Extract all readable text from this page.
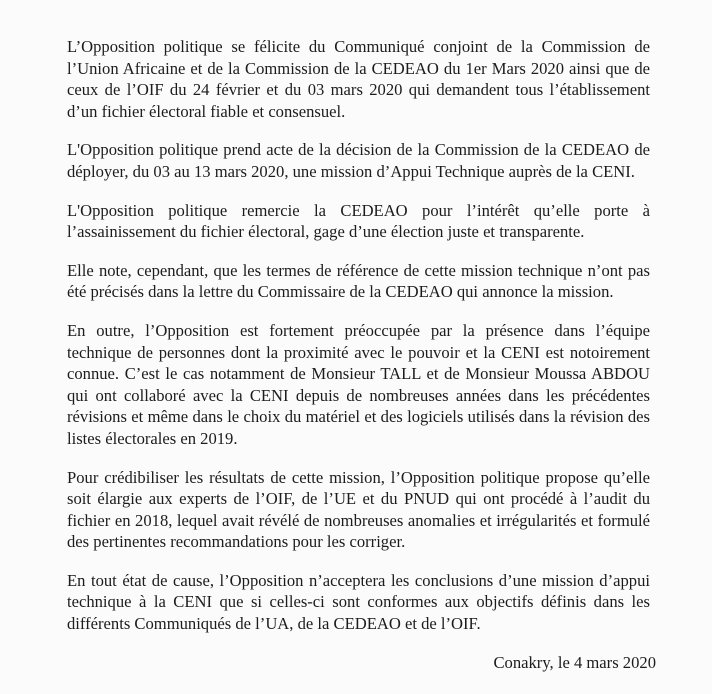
L’Opposition politique se félicite du Communiqué conjoint de la Commission de l’Union Africaine et de la Commission de la CEDEAO du 1er Mars 2020 ainsi que de ceux de l’OIF du 24 février et du 03 mars 2020 qui demandent tous l’établissement d’un fichier électoral fiable et consensuel.

L'Opposition politique prend acte de la décision de la Commission de la CEDEAO de déployer, du 03 au 13 mars 2020, une mission d’Appui Technique auprès de la CENI.

L'Opposition politique remercie la CEDEAO pour l’intérêt qu’elle porte à l’assainissement du fichier électoral, gage d’une élection juste et transparente.

Elle note, cependant, que les termes de référence de cette mission technique n’ont pas été précisés dans la lettre du Commissaire de la CEDEAO qui annonce la mission.

En outre, l’Opposition est fortement préoccupée par la présence dans l’équipe technique de personnes dont la proximité avec le pouvoir et la CENI est notoirement connue. C’est le cas notamment de Monsieur TALL et de Monsieur Moussa ABDOU qui ont collaboré avec la CENI depuis de nombreuses années dans les précédentes révisions et même dans le choix du matériel et des logiciels utilisés dans la révision des listes électorales en 2019.

Pour crédibiliser les résultats de cette mission, l’Opposition politique propose qu’elle soit élargie aux experts de l’OIF, de l’UE et du PNUD qui ont procédé à l’audit du fichier en 2018, lequel avait révélé de nombreuses anomalies et irrégularités et formulé des pertinentes recommandations pour les corriger.

En tout état de cause, l’Opposition n’acceptera les conclusions d’une mission d’appui technique à la CENI que si celles-ci sont conformes aux objectifs définis dans les différents Communiqués de l’UA, de la CEDEAO et de l’OIF.

Conakry, le 4 mars 2020
